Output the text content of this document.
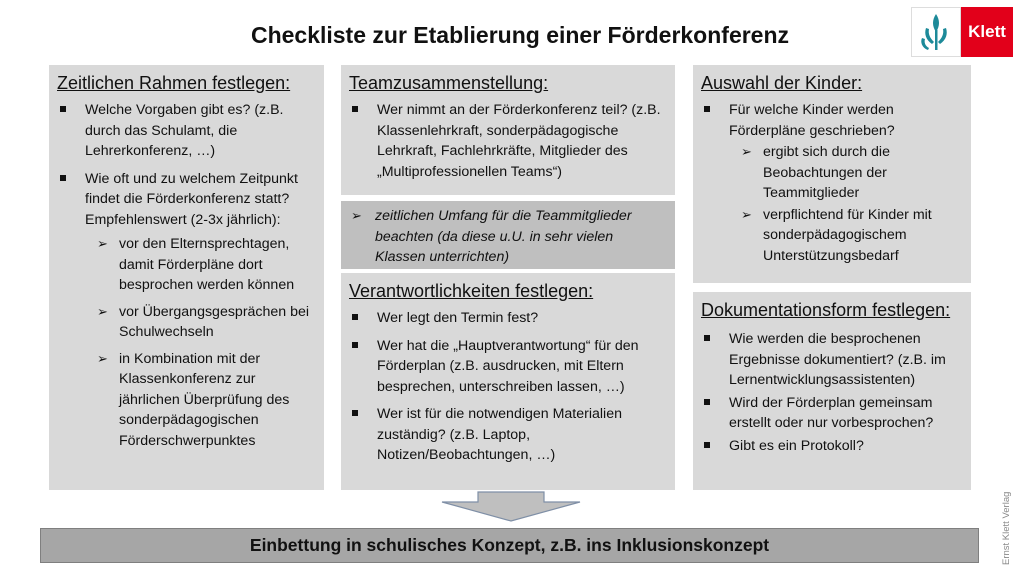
Checkliste zur Etablierung einer Förderkonferenz	Klett
Zeitlichen Rahmen festlegen:
Welche Vorgaben gibt es? (z.B. durch das Schulamt, die Lehrerkonferenz, …)
Wie oft und zu welchem Zeitpunkt findet die Förderkonferenz statt? Empfehlenswert (2-3x jährlich):
➢ vor den Elternsprechtagen, damit Förderpläne dort besprochen werden können
➢ vor Übergangsgesprächen bei Schulwechseln
➢ in Kombination mit der Klassenkonferenz zur jährlichen Überprüfung des sonderpädagogischen Förderschwerpunktes
Teamzusammenstellung:
Wer nimmt an der Förderkonferenz teil? (z.B. Klassenlehrkraft, sonderpädagogische Lehrkraft, Fachlehrkräfte, Mitglieder des „Multiprofessionellen Teams“)
➢ zeitlichen Umfang für die Teammitglieder beachten (da diese u.U. in sehr vielen Klassen unterrichten)
Verantwortlichkeiten festlegen:
Wer legt den Termin fest?
Wer hat die „Hauptverantwortung“ für den Förderplan (z.B. ausdrucken, mit Eltern besprechen, unterschreiben lassen, …)
Wer ist für die notwendigen Materialien zuständig? (z.B. Laptop, Notizen/Beobachtungen, …)
Auswahl der Kinder:
Für welche Kinder werden Förderpläne geschrieben?
➢ ergibt sich durch die Beobachtungen der Teammitglieder
➢ verpflichtend für Kinder mit sonderpädagogischem Unterstützungsbedarf
Dokumentationsform festlegen:
Wie werden die besprochenen Ergebnisse dokumentiert? (z.B. im Lernentwicklungsassistenten)
Wird der Förderplan gemeinsam erstellt oder nur vorbesprochen?
Gibt es ein Protokoll?
Einbettung in schulisches Konzept, z.B. ins Inklusionskonzept	Ernst Klett Verlag
